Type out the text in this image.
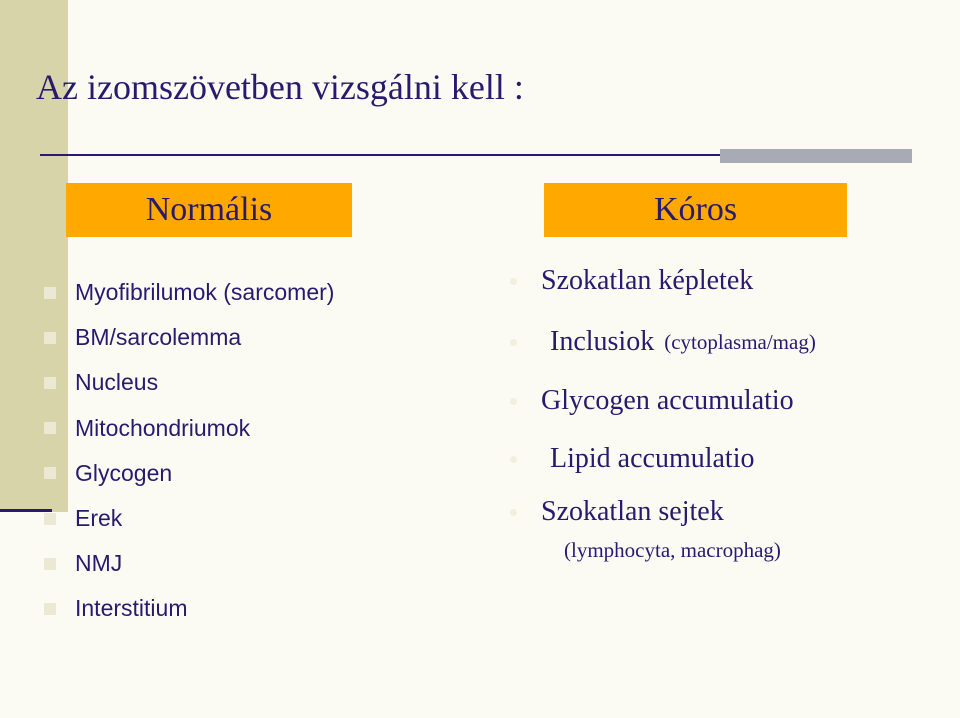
Az izomszövetben vizsgálni kell :
Normális	Kóros
Myofibrilumok (sarcomer)
BM/sarcolemma
Nucleus
Mitochondriumok
Glycogen
Erek
NMJ
Interstitium
Szokatlan képletek
Inclusiok (cytoplasma/mag)
Glycogen accumulatio
Lipid accumulatio
Szokatlan sejtek
(lymphocyta, macrophag)
